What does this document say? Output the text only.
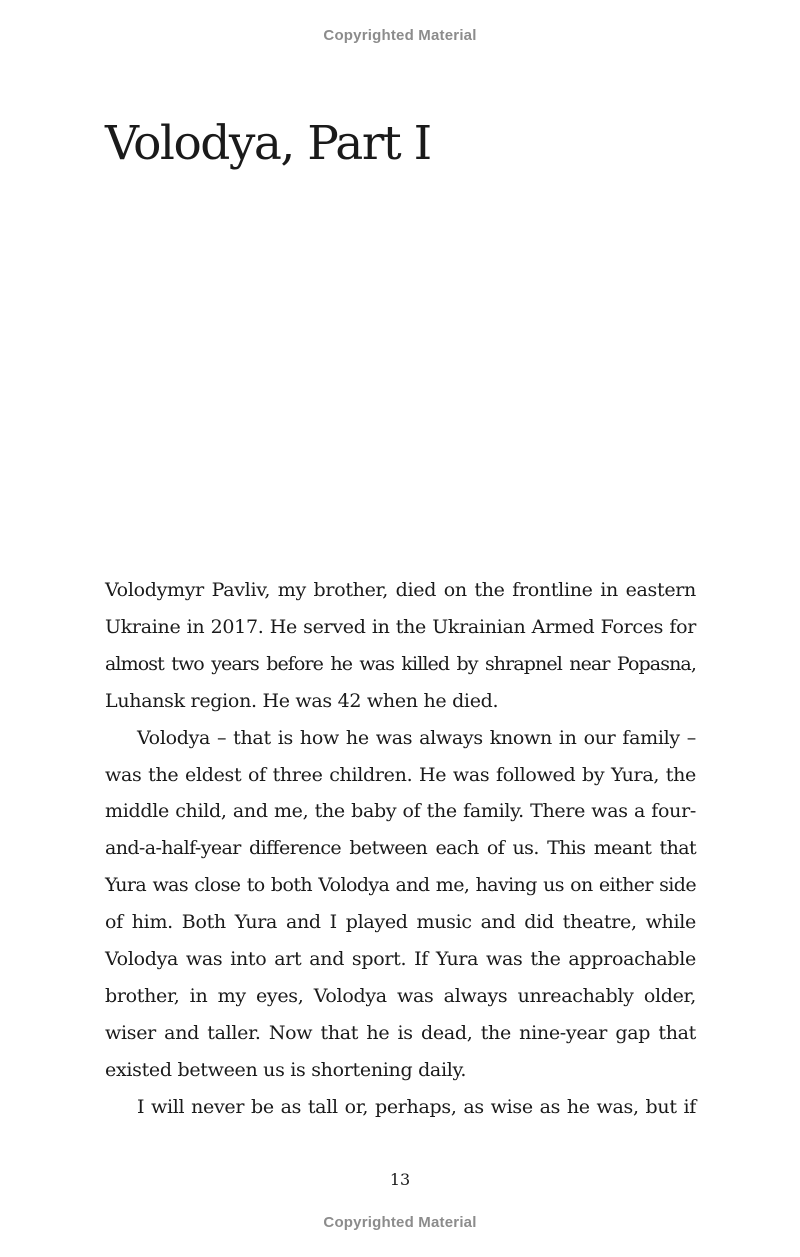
Copyrighted Material
Volodya, Part I

Volodymyr Pavliv, my brother, died on the frontline in eastern
Ukraine in 2017. He served in the Ukrainian Armed Forces for
almost two years before he was killed by shrapnel near Popasna,
Luhansk region. He was 42 when he died.

Volodya – that is how he was always known in our family –
was the eldest of three children. He was followed by Yura, the
middle child, and me, the baby of the family. There was a four-
and-a-half-year difference between each of us. This meant that
Yura was close to both Volodya and me, having us on either side
of him. Both Yura and I played music and did theatre, while
Volodya was into art and sport. If Yura was the approachable
brother, in my eyes, Volodya was always unreachably older,
wiser and taller. Now that he is dead, the nine-year gap that
existed between us is shortening daily.

I will never be as tall or, perhaps, as wise as he was, but if

13
Copyrighted Material
